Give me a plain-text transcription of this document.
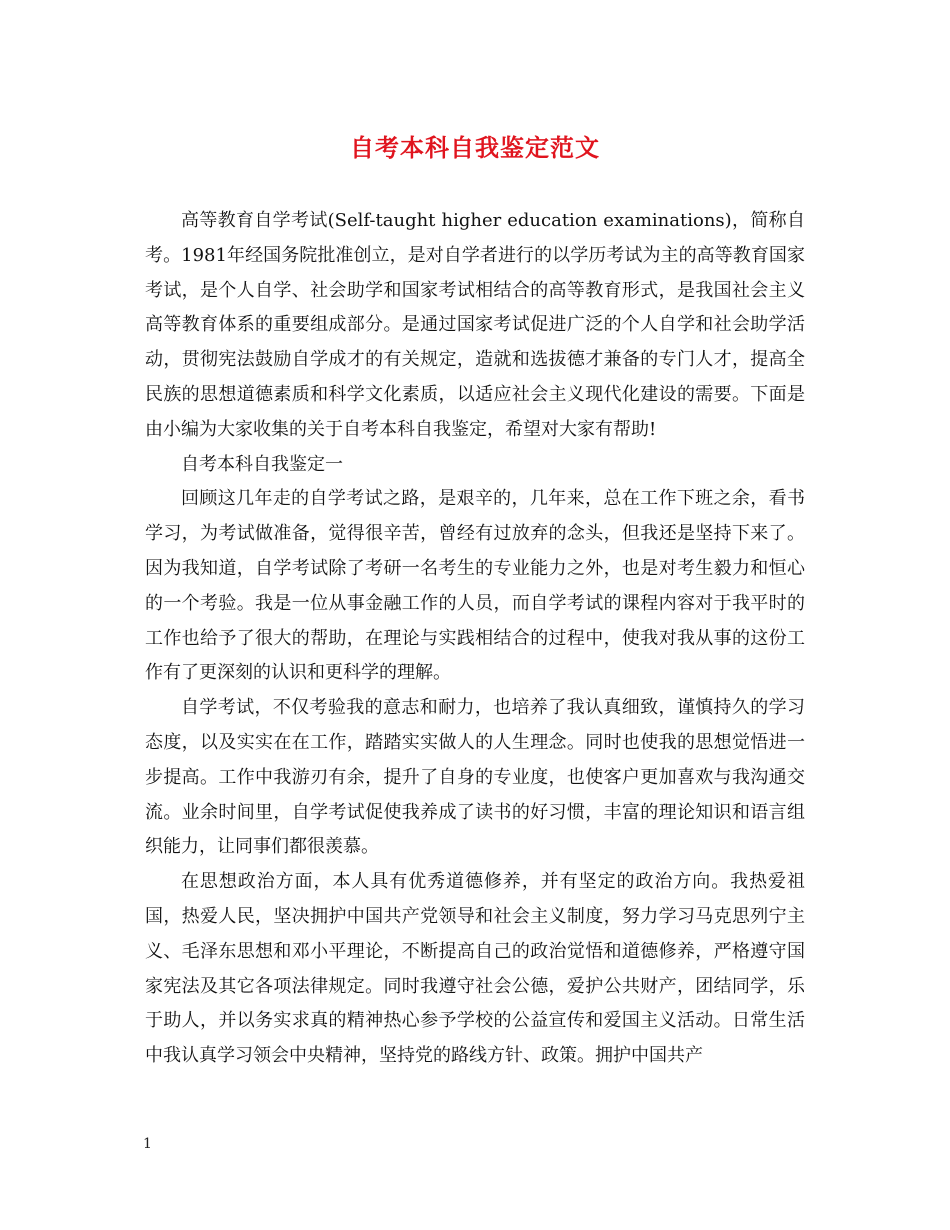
自考本科自我鉴定范文

高等教育自学考试(Self-taught higher education examinations)，简称自考。1981年经国务院批准创立，是对自学者进行的以学历考试为主的高等教育国家考试，是个人自学、社会助学和国家考试相结合的高等教育形式，是我国社会主义高等教育体系的重要组成部分。是通过国家考试促进广泛的个人自学和社会助学活动，贯彻宪法鼓励自学成才的有关规定，造就和选拔德才兼备的专门人才，提高全民族的思想道德素质和科学文化素质，以适应社会主义现代化建设的需要。下面是由小编为大家收集的关于自考本科自我鉴定，希望对大家有帮助!

自考本科自我鉴定一

回顾这几年走的自学考试之路，是艰辛的，几年来，总在工作下班之余，看书学习，为考试做准备，觉得很辛苦，曾经有过放弃的念头，但我还是坚持下来了。因为我知道，自学考试除了考研一名考生的专业能力之外，也是对考生毅力和恒心的一个考验。我是一位从事金融工作的人员，而自学考试的课程内容对于我平时的工作也给予了很大的帮助，在理论与实践相结合的过程中，使我对我从事的这份工作有了更深刻的认识和更科学的理解。

自学考试，不仅考验我的意志和耐力，也培养了我认真细致，谨慎持久的学习态度，以及实实在在工作，踏踏实实做人的人生理念。同时也使我的思想觉悟进一步提高。工作中我游刃有余，提升了自身的专业度，也使客户更加喜欢与我沟通交流。业余时间里，自学考试促使我养成了读书的好习惯，丰富的理论知识和语言组织能力，让同事们都很羡慕。

在思想政治方面，本人具有优秀道德修养，并有坚定的政治方向。我热爱祖国，热爱人民，坚决拥护中国共产党领导和社会主义制度，努力学习马克思列宁主义、毛泽东思想和邓小平理论，不断提高自己的政治觉悟和道德修养，严格遵守国家宪法及其它各项法律规定。同时我遵守社会公德，爱护公共财产，团结同学，乐于助人，并以务实求真的精神热心参予学校的公益宣传和爱国主义活动。日常生活中我认真学习领会中央精神，坚持党的路线方针、政策。拥护中国共产

1
